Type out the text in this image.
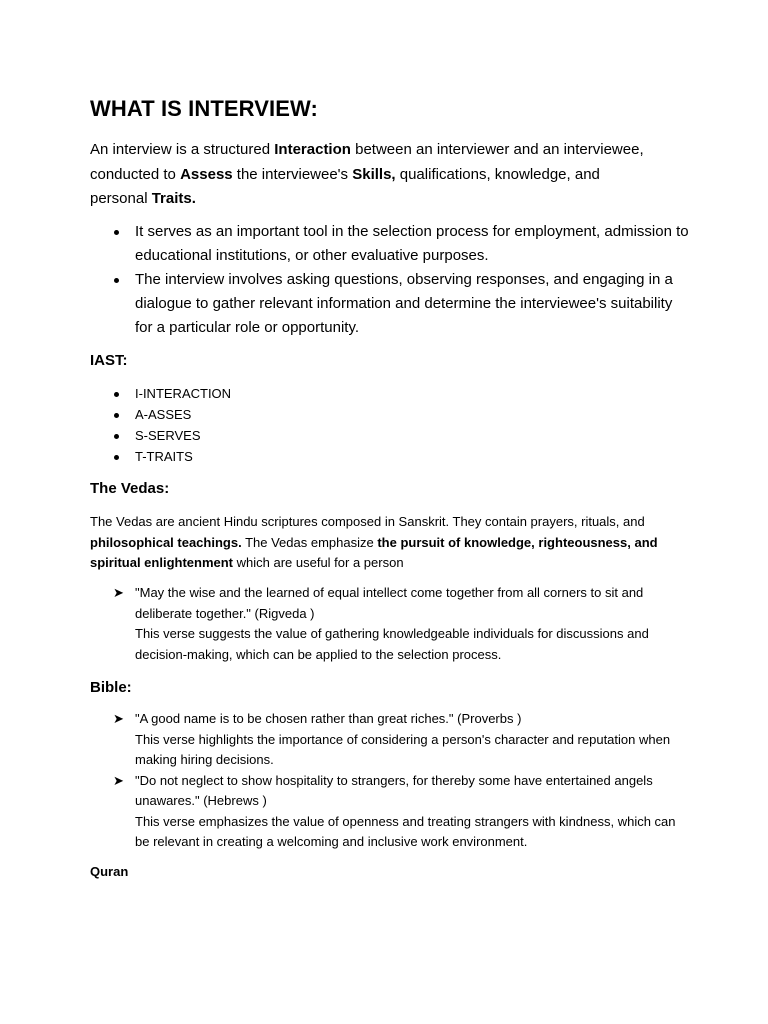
WHAT IS INTERVIEW:

An interview is a structured Interaction between an interviewer and an interviewee, conducted to Assess the interviewee's Skills, qualifications, knowledge, and personal Traits.

It serves as an important tool in the selection process for employment, admission to educational institutions, or other evaluative purposes.
The interview involves asking questions, observing responses, and engaging in a dialogue to gather relevant information and determine the interviewee's suitability for a particular role or opportunity.
IAST:
I-INTERACTION
A-ASSES
S-SERVES
T-TRAITS
The Vedas:

The Vedas are ancient Hindu scriptures composed in Sanskrit. They contain prayers, rituals, and philosophical teachings. The Vedas emphasize the pursuit of knowledge, righteousness, and spiritual enlightenment which are useful for a person

➤ "May the wise and the learned of equal intellect come together from all corners to sit and deliberate together." (Rigveda )
This verse suggests the value of gathering knowledgeable individuals for discussions and decision-making, which can be applied to the selection process.
Bible:
➤ "A good name is to be chosen rather than great riches." (Proverbs )
This verse highlights the importance of considering a person's character and reputation when making hiring decisions.
➤ "Do not neglect to show hospitality to strangers, for thereby some have entertained angels unawares." (Hebrews )
This verse emphasizes the value of openness and treating strangers with kindness, which can be relevant in creating a welcoming and inclusive work environment.
Quran
